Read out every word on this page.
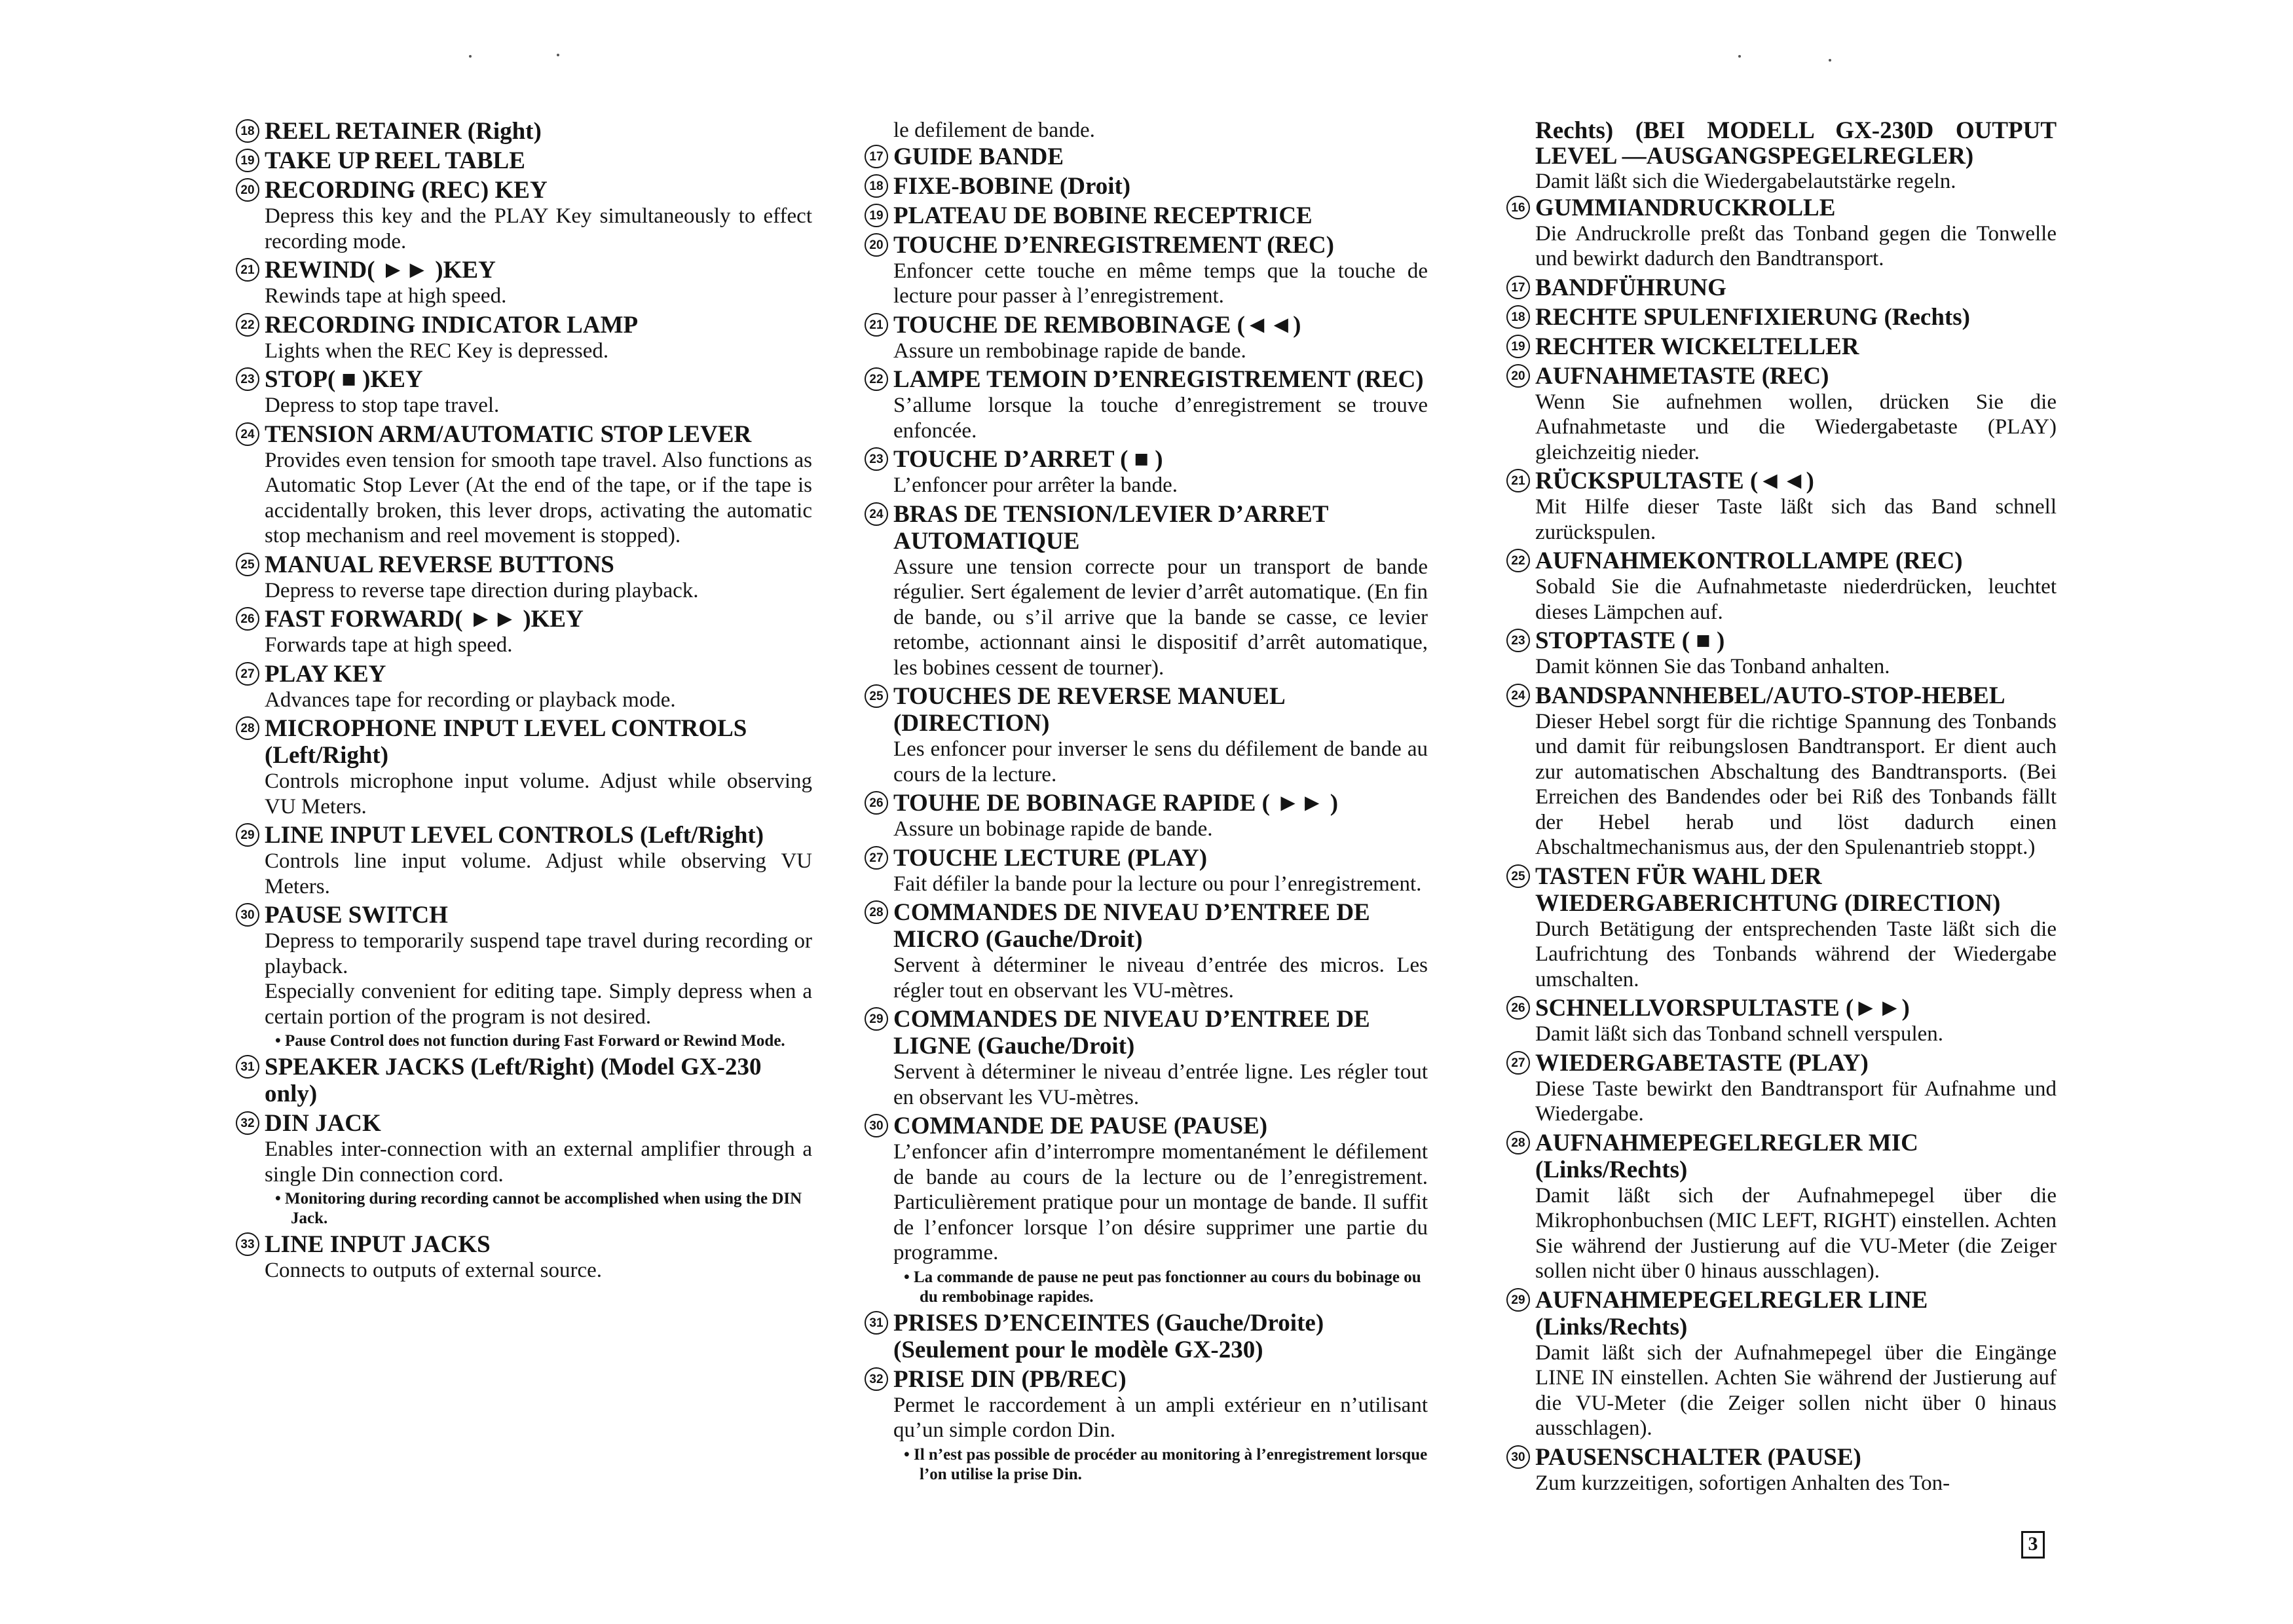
18 REEL RETAINER (Right)
19 TAKE UP REEL TABLE
20 RECORDING (REC) KEY
Depress this key and the PLAY Key simultaneously to effect recording mode.
21 REWIND( ►► )KEY
Rewinds tape at high speed.
22 RECORDING INDICATOR LAMP
Lights when the REC Key is depressed.
23 STOP( ■ )KEY
Depress to stop tape travel.
24 TENSION ARM/AUTOMATIC STOP LEVER
Provides even tension for smooth tape travel. Also functions as Automatic Stop Lever (At the end of the tape, or if the tape is accidentally broken, this lever drops, activating the automatic stop mechanism and reel movement is stopped).
25 MANUAL REVERSE BUTTONS
Depress to reverse tape direction during playback.
26 FAST FORWARD( ►► )KEY
Forwards tape at high speed.
27 PLAY KEY
Advances tape for recording or playback mode.
28 MICROPHONE INPUT LEVEL CONTROLS (Left/Right)
Controls microphone input volume. Adjust while observing VU Meters.
29 LINE INPUT LEVEL CONTROLS (Left/Right)
Controls line input volume. Adjust while observing VU Meters.
30 PAUSE SWITCH
Depress to temporarily suspend tape travel during recording or playback.
Especially convenient for editing tape. Simply depress when a certain portion of the program is not desired.
• Pause Control does not function during Fast Forward or Rewind Mode.
31 SPEAKER JACKS (Left/Right) (Model GX-230 only)
32 DIN JACK
Enables inter-connection with an external amplifier through a single Din connection cord.
• Monitoring during recording cannot be accomplished when using the DIN Jack.
33 LINE INPUT JACKS
Connects to outputs of external source.
le defilement de bande.
17 GUIDE BANDE
18 FIXE-BOBINE (Droit)
19 PLATEAU DE BOBINE RECEPTRICE
20 TOUCHE D’ENREGISTREMENT (REC)
Enfoncer cette touche en même temps que la touche de lecture pour passer à l’enregistrement.
21 TOUCHE DE REMBOBINAGE (◄◄)
Assure un rembobinage rapide de bande.
22 LAMPE TEMOIN D’ENREGISTREMENT (REC)
S’allume lorsque la touche d’enregistrement se trouve enfoncée.
23 TOUCHE D’ARRET ( ■ )
L’enfoncer pour arrêter la bande.
24 BRAS DE TENSION/LEVIER D’ARRET AUTOMATIQUE
Assure une tension correcte pour un transport de bande régulier. Sert également de levier d’arrêt automatique. (En fin de bande, ou s’il arrive que la bande se casse, ce levier retombe, actionnant ainsi le dispositif d’arrêt automatique, les bobines cessent de tourner).
25 TOUCHES DE REVERSE MANUEL (DIRECTION)
Les enfoncer pour inverser le sens du défilement de bande au cours de la lecture.
26 TOUHE DE BOBINAGE RAPIDE ( ►► )
Assure un bobinage rapide de bande.
27 TOUCHE LECTURE (PLAY)
Fait défiler la bande pour la lecture ou pour l’enregistrement.
28 COMMANDES DE NIVEAU D’ENTREE DE MICRO (Gauche/Droit)
Servent à déterminer le niveau d’entrée des micros. Les régler tout en observant les VU-mètres.
29 COMMANDES DE NIVEAU D’ENTREE DE LIGNE (Gauche/Droit)
Servent à déterminer le niveau d’entrée ligne. Les régler tout en observant les VU-mètres.
30 COMMANDE DE PAUSE (PAUSE)
L’enfoncer afin d’interrompre momentanément le défilement de bande au cours de la lecture ou de l’enregistrement. Particulièrement pratique pour un montage de bande. Il suffit de l’enfoncer lorsque l’on désire supprimer une partie du programme.
• La commande de pause ne peut pas fonctionner au cours du bobinage ou du rembobinage rapides.
31 PRISES D’ENCEINTES (Gauche/Droite) (Seulement pour le modèle GX-230)
32 PRISE DIN (PB/REC)
Permet le raccordement à un ampli extérieur en n’utilisant qu’un simple cordon Din.
• Il n’est pas possible de procéder au monitoring à l’enregistrement lorsque l’on utilise la prise Din.
Rechts) (BEI MODELL GX-230D OUTPUT LEVEL —AUSGANGSPEGELREGLER)
Damit läßt sich die Wiedergabelautstärke regeln.
16 GUMMIANDRUCKROLLE
Die Andruckrolle preßt das Tonband gegen die Tonwelle und bewirkt dadurch den Bandtransport.
17 BANDFÜHRUNG
18 RECHTE SPULENFIXIERUNG (Rechts)
19 RECHTER WICKELTELLER
20 AUFNAHMETASTE (REC)
Wenn Sie aufnehmen wollen, drücken Sie die Aufnahmetaste und die Wiedergabetaste (PLAY) gleichzeitig nieder.
21 RÜCKSPULTASTE (◄◄)
Mit Hilfe dieser Taste läßt sich das Band schnell zurückspulen.
22 AUFNAHMEKONTROLLAMPE (REC)
Sobald Sie die Aufnahmetaste niederdrücken, leuchtet dieses Lämpchen auf.
23 STOPTASTE ( ■ )
Damit können Sie das Tonband anhalten.
24 BANDSPANNHEBEL/AUTO-STOP-HEBEL
Dieser Hebel sorgt für die richtige Spannung des Tonbands und damit für reibungslosen Bandtransport. Er dient auch zur automatischen Abschaltung des Bandtransports. (Bei Erreichen des Bandendes oder bei Riß des Tonbands fällt der Hebel herab und löst dadurch einen Abschaltmechanismus aus, der den Spulenantrieb stoppt.)
25 TASTEN FÜR WAHL DER WIEDERGABERICHTUNG (DIRECTION)
Durch Betätigung der entsprechenden Taste läßt sich die Laufrichtung des Tonbands während der Wiedergabe umschalten.
26 SCHNELLVORSPULTASTE (►►)
Damit läßt sich das Tonband schnell verspulen.
27 WIEDERGABETASTE (PLAY)
Diese Taste bewirkt den Bandtransport für Aufnahme und Wiedergabe.
28 AUFNAHMEPEGELREGLER MIC (Links/Rechts)
Damit läßt sich der Aufnahmepegel über die Mikrophonbuchsen (MIC LEFT, RIGHT) einstellen. Achten Sie während der Justierung auf die VU-Meter (die Zeiger sollen nicht über 0 hinaus ausschlagen).
29 AUFNAHMEPEGELREGLER LINE (Links/Rechts)
Damit läßt sich der Aufnahmepegel über die Eingänge LINE IN einstellen. Achten Sie während der Justierung auf die VU-Meter (die Zeiger sollen nicht über 0 hinaus ausschlagen).
30 PAUSENSCHALTER (PAUSE)
Zum kurzzeitigen, sofortigen Anhalten des Ton-
3
